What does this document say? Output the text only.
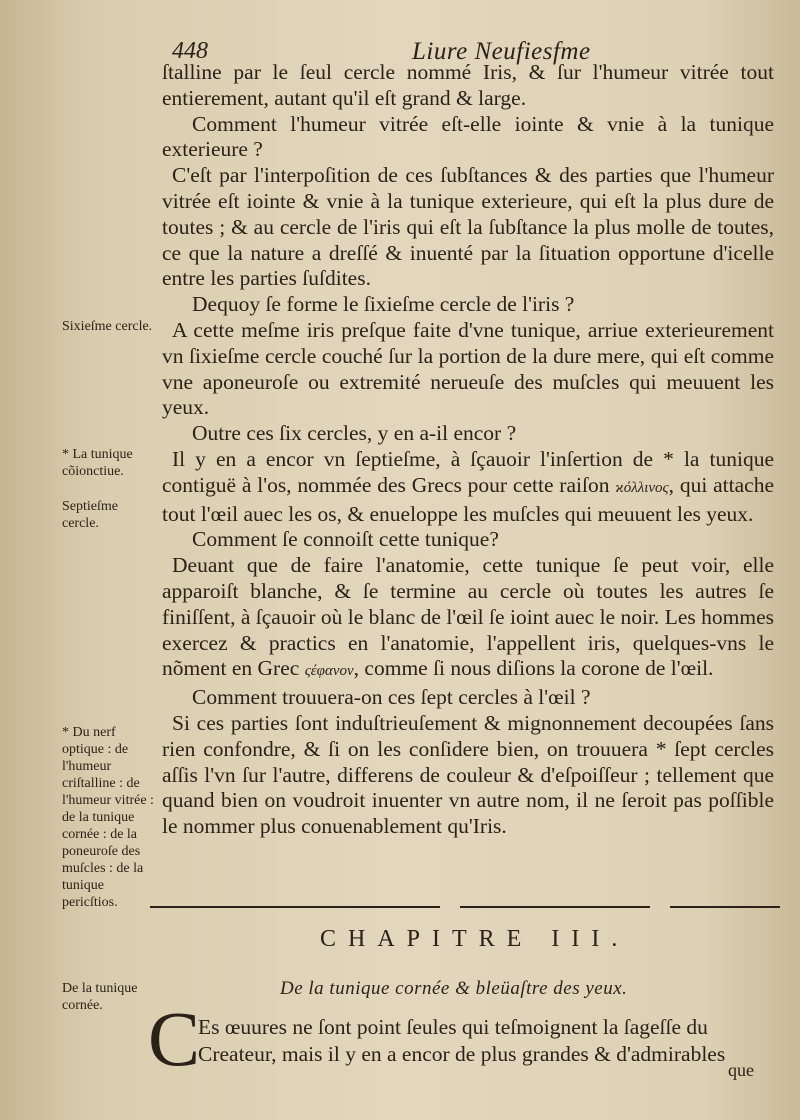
448	Liure Neufiesfme

ſtalline par le ſeul cercle nommé Iris, & ſur l'humeur vitrée tout entierement, autant qu'il eſt grand & large.

Comment l'humeur vitrée eſt-elle iointe & vnie à la tunique exterieure ?

C'eſt par l'interpoſition de ces ſubſtances & des parties que l'humeur vitrée eſt iointe & vnie à la tunique exterieure, qui eſt la plus dure de toutes ; & au cercle de l'iris qui eſt la ſubſtance la plus molle de toutes, ce que la nature a dreſſé & inuenté par la ſituation opportune d'icelle entre les parties ſuſdites.

Dequoy ſe forme le ſixieſme cercle de l'iris ?

A cette meſme iris preſque faite d'vne tunique, arriue exterieurement vn ſixieſme cercle couché ſur la portion de la dure mere, qui eſt comme vne aponeuroſe ou extremité nerueuſe des muſcles qui meuuent les yeux.

Outre ces ſix cercles, y en a-il encor ?

Il y en a encor vn ſeptieſme, à ſçauoir l'inſertion de * la tunique contiguë à l'os, nommée des Grecs pour cette raiſon ϰόλλινος, qui attache tout l'œil auec les os, & enueloppe les muſcles qui meuuent les yeux.

Comment ſe connoiſt cette tunique?

Deuant que de faire l'anatomie, cette tunique ſe peut voir, elle apparoiſt blanche, & ſe termine au cercle où toutes les autres ſe finiſſent, à ſçauoir où le blanc de l'œil ſe ioint auec le noir. Les hommes exercez & practics en l'anatomie, l'appellent iris, quelques-vns le nõment en Grec ςέφανον, comme ſi nous diſions la corone de l'œil.

Comment trouuera-on ces ſept cercles à l'œil ?

Si ces parties ſont induſtrieuſement & mignonnement decoupées ſans rien confondre, & ſi on les conſidere bien, on trouuera * ſept cercles aſſis l'vn ſur l'autre, differens de couleur & d'eſpoiſſeur ; tellement que quand bien on voudroit inuenter vn autre nom, il ne ſeroit pas poſſible le nommer plus conuenablement qu'Iris.

Sixieſme cercle.
* La tunique cõionctiue.
Septieſme cercle.
* Du nerf optique : de l'humeur criſtalline : de l'humeur vitrée : de la tunique cornée : de la poneuroſe des muſcles : de la tunique pericſtios.
De la tunique cornée.
CHAPITRE III.
De la tunique cornée & bleüaſtre des yeux.
C
Es œuures ne ſont point ſeules qui teſmoignent la ſageſſe du
Createur, mais il y en a encor de plus grandes & d'admirables
que
